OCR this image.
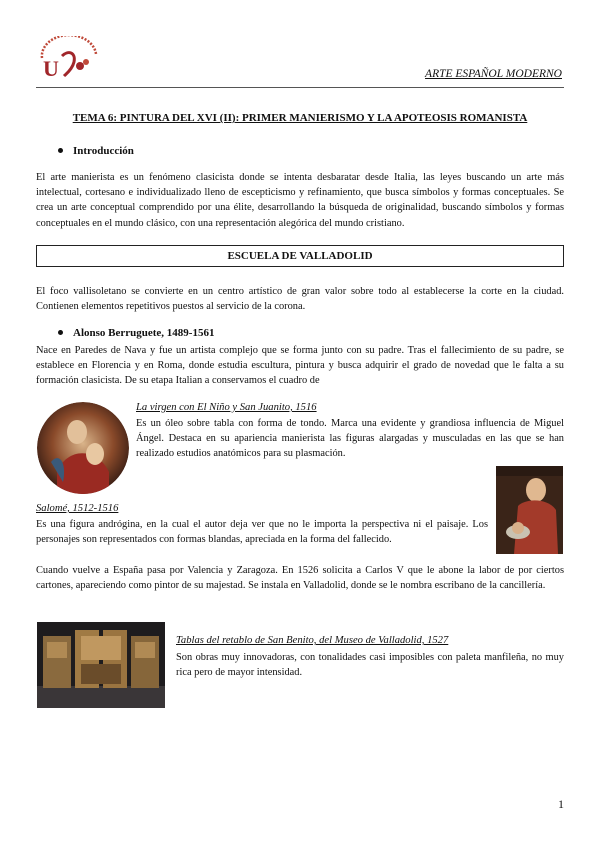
U	ARTE ESPAÑOL MODERNO
TEMA 6: PINTURA DEL XVI (II): PRIMER MANIERISMO Y LA APOTEOSIS ROMANISTA
Introducción
El arte manierista es un fenómeno clasicista donde se intenta desbaratar desde Italia, las leyes buscando un arte más intelectual, cortesano e individualizado lleno de escepticismo y refinamiento, que busca símbolos y formas conceptuales. Se crea un arte conceptual comprendido por una élite, desarrollando la búsqueda de originalidad, buscando símbolos y formas conceptuales en el mundo clásico, con una representación alegórica del mundo cristiano.
ESCUELA DE VALLADOLID
El foco vallisoletano se convierte en un centro artístico de gran valor sobre todo al establecerse la corte en la ciudad. Contienen elementos repetitivos puestos al servicio de la corona.
Alonso Berruguete, 1489-1561
Nace en Paredes de Nava y fue un artista complejo que se forma junto con su padre. Tras el fallecimiento de su padre, se establece en Florencia y en Roma, donde estudia escultura, pintura y busca adquirir el grado de novedad que le falta a su formación clasicista. De su etapa Italian a conservamos el cuadro de
La virgen con El Niño y San Juanito, 1516
Es un óleo sobre tabla con forma de tondo. Marca una evidente y grandiosa influencia de Miguel Ángel. Destaca en su apariencia manierista las figuras alargadas y musculadas en las que se han realizado estudios anatómicos para su plasmación.
Salomé, 1512-1516
Es una figura andrógina, en la cual el autor deja ver que no le importa la perspectiva ni el paisaje. Los personajes son representados con formas blandas, apreciada en la forma del fallecido.
Cuando vuelve a España pasa por Valencia y Zaragoza. En 1526 solicita a Carlos V que le abone la labor de por ciertos cartones, apareciendo como pintor de su majestad. Se instala en Valladolid, donde se le nombra escribano de la cancillería.
Tablas del retablo de San Benito, del Museo de Valladolid, 1527
Son obras muy innovadoras, con tonalidades casi imposibles con paleta manfileña, no muy rica pero de mayor intensidad.
1
